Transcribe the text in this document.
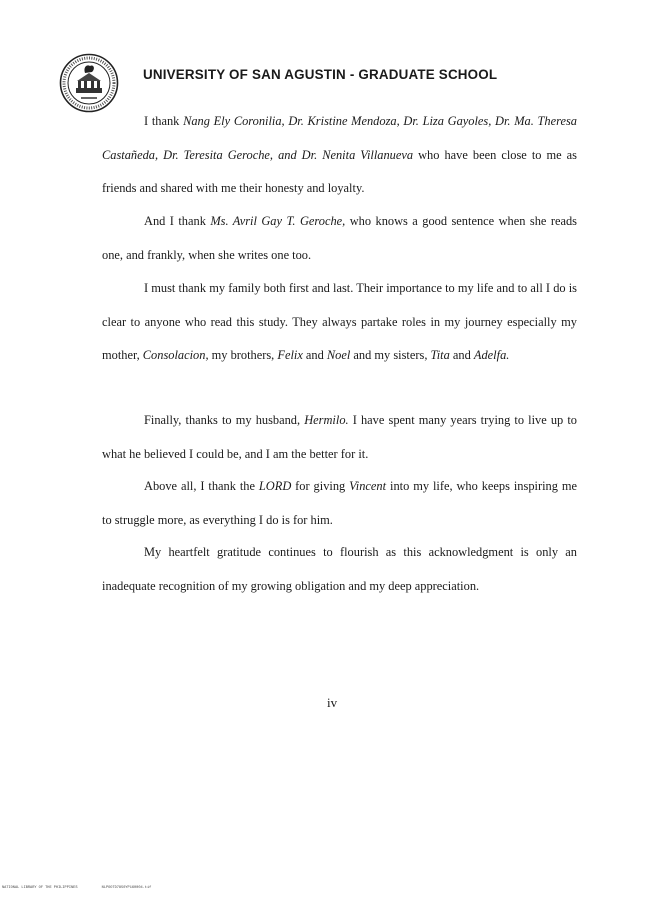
UNIVERSITY OF SAN AGUSTIN - GRADUATE SCHOOL

I thank Nang Ely Coronilia, Dr. Kristine Mendoza, Dr. Liza Gayoles, Dr. Ma. Theresa Castañeda, Dr. Teresita Geroche, and Dr. Nenita Villanueva who have been close to me as friends and shared with me their honesty and loyalty.

And I thank Ms. Avril Gay T. Geroche, who knows a good sentence when she reads one, and frankly, when she writes one too.

I must thank my family both first and last. Their importance to my life and to all I do is clear to anyone who read this study. They always partake roles in my journey especially my mother, Consolacion, my brothers, Felix and Noel and my sisters, Tita and Adelfa.

Finally, thanks to my husband, Hermilo. I have spent many years trying to live up to what he believed I could be, and I am the better for it.

Above all, I thank the LORD for giving Vincent into my life, who keeps inspiring me to struggle more, as everything I do is for him.

My heartfelt gratitude continues to flourish as this acknowledgment is only an inadequate recognition of my growing obligation and my deep appreciation.

iv
NATIONAL LIBRARY OF THE PHILIPPINES	NLPOOTD7850YP160004.tif
